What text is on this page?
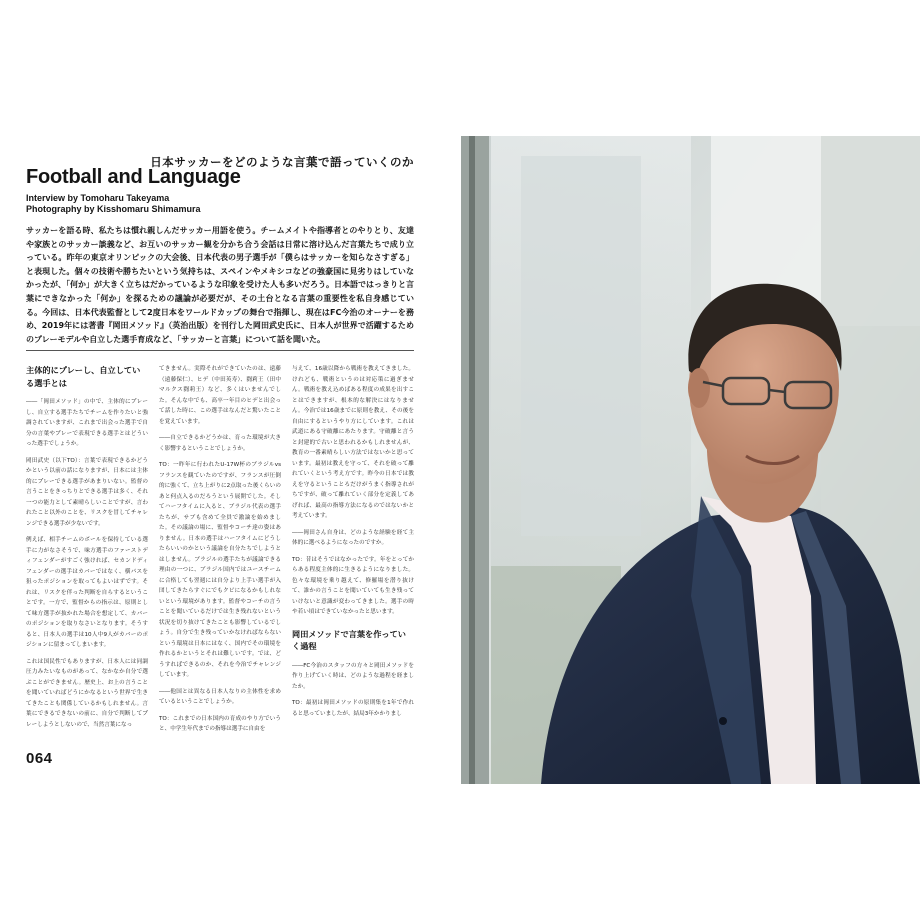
日本サッカーをどのような言葉で語っていくのか
Football and Language
Interview by Tomoharu Takeyama
Photography by Kisshomaru Shimamura

サッカーを語る時、私たちは慣れ親しんだサッカー用語を使う。チームメイトや指導者とのやりとり、友達や家族とのサッカー談義など、お互いのサッカー観を分かち合う会話は日常に溶け込んだ言葉たちで成り立っている。昨年の東京オリンピックの大会後、日本代表の男子選手が「僕らはサッカーを知らなさすぎる」と表現した。個々の技術や勝ちたいという気持ちは、スペインやメキシコなどの強豪国に見劣りはしていなかったが、「何か」が大きく立ちはだかっているような印象を受けた人も多いだろう。日本語ではっきりと言葉にできなかった「何か」を探るための議論が必要だが、その土台となる言葉の重要性を私自身感じている。今回は、日本代表監督として2度日本をワールドカップの舞台で指揮し、現在はFC今治のオーナーを務め、2019年には著書『岡田メソッド』（英治出版）を刊行した岡田武史氏に、日本人が世界で活躍するためのプレーモデルや自立した選手育成など、「サッカーと言葉」について話を聞いた。

主体的にプレーし、自立している選手とは

――「岡田メソッド」の中で、主体的にプレーし、自立する選手たちでチームを作りたいと強調されていますが、これまで出会った選手で自分の言葉やプレーで表現できる選手とはどういった選手でしょうか。

岡田武史（以下TO）：言葉で表現できるかどうかという以前の話になりますが、日本には主体的にプレーできる選手があまりいない。監督の言うことをきっちりとできる選手は多く、それ一つの能力として素晴らしいことですが、言われたこと以外のことを、リスクを冒してチャレンジできる選手が少ないです。

例えば、相手チームのボールを保持している選手に力がなさそうで、味方選手のファーストディフェンダーがすごく強ければ、セカンドディフェンダーの選手はカバーではなく、横パスを狙ったポジションを取ってもよいはずです。それは、リスクを伴った判断を自らするということです。一方で、監督からの指示は、原則として味方選手が抜かれた場合を想定して、カバーのポジションを取りなさいとなります。そうすると、日本人の選手は10人中9人がカバーのポジションに留まってしまいます。

これは国民性でもありますが、日本人には同調圧力みたいなものがあって、なかなか自分で選ぶことができません。歴史上、お上の言うことを聞いていればどうにかなるという世界で生きてきたことも関係しているかもしれません。言葉にできるできないの前に、自分で判断してプレーしようとしないので、当然言葉になっ

てきません。実際それができていたのは、遠藤（遠藤保仁）、ヒデ（中田英寿）、闘莉王（田中マルクス闘莉王）など、多くはいませんでした。そんな中でも、高卒一年目のヒデと出会って話した時に、この選手はなんだと驚いたことを覚えています。

――自立できるかどうかは、育った環境が大きく影響するということでしょうか。

TO：一昨年に行われたU-17W杯のブラジルvsフランスを観ていたのですが、フランスが圧倒的に強くて、立ち上がりに2点取った後くらいのあと何点入るのだろうという展開でした。そしてハーフタイムに入ると、ブラジル代表の選手たちが、サブも含めて全員で激論を始めました。その議論の場に、監督やコーチ達の姿はありません。日本の選手はハーフタイムにどうしたらいいのかという議論を自分たちでしようとはしません。ブラジルの選手たちが議論できる理由の一つに、ブラジル国内ではユースチームに合格しても翌週には自分より上手い選手が入団してきたらすぐにでもクビになるかもしれないという環境があります。監督やコーチの言うことを聞いているだけでは生き残れないという状況を切り抜けてきたことも影響しているでしょう。自分で生き残っていかなければならないという環境は日本にはなく、国内でその環境を作れるかというとそれは難しいです。では、どうすればできるのか、それを今治でチャレンジしています。

――他国とは異なる日本人なりの主体性を求めているということでしょうか。

TO：これまでの日本国内の育成のやり方でいうと、中学生年代までの指導は選手に自由を

与えて、16歳以降から戦術を教えてきました。けれども、戦術というのは対応策に過ぎません。戦術を教え込めばある程度の成果を出すことはできますが、根本的な解決にはなりません。今治では16歳までに原則を教え、その後を自由にするというやり方にしています。これは武道にある守破離にあたります。守破離と言うと封建的で古いと思われるかもしれませんが、教育の一番素晴らしい方法ではないかと思っています。最初は教えを守って、それを破って離れていくという考え方です。昨今の日本では教えを守るということろだけがうまく指導されがちですが、破って離れていく部分を定義してあげれば、最高の指導方法になるのではないかと考えています。

――岡田さん自身は、どのような経験を経て主体的に選べるようになったのですか。

TO：昔はそうではなかったです。年をとってからある程度主体的に生きるようになりました。色々な環境を乗り越えて、修羅場を潜り抜けて、誰かの言うことを聞いていても生き残っていけないと意識が変わってきました。選手の時や若い頃はできていなかったと思います。

岡田メソッドで言葉を作っていく過程

――FC今治のスタッフの方々と岡田メソッドを作り上げていく時は、どのような過程を経ましたか。

TO：最初は岡田メソッドの原則集を1年で作れると思っていましたが、結局3年かかりまし

064
